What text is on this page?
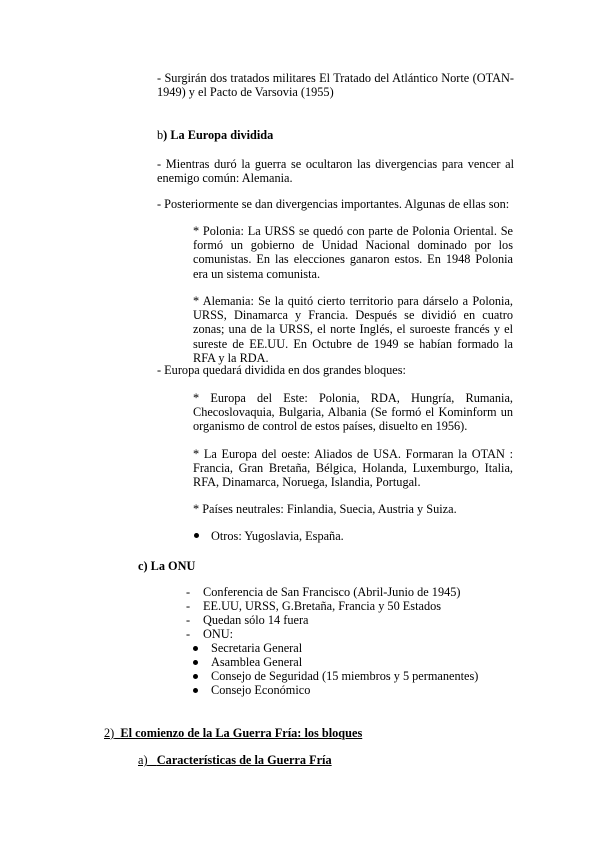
- Surgirán dos tratados militares El Tratado del Atlántico Norte (OTAN-1949) y el Pacto de Varsovia (1955)
b) La Europa dividida
- Mientras duró la guerra se ocultaron las divergencias para vencer al enemigo común: Alemania.
- Posteriormente se dan divergencias importantes. Algunas de ellas son:
* Polonia: La URSS se quedó con parte de Polonia Oriental. Se formó un gobierno de Unidad Nacional dominado por los comunistas. En las elecciones ganaron estos. En 1948 Polonia era un sistema comunista.
* Alemania: Se la quitó cierto territorio para dárselo a Polonia, URSS, Dinamarca y Francia. Después se dividió en cuatro zonas; una de la URSS, el norte Inglés, el suroeste francés y el sureste de EE.UU. En Octubre de 1949 se habían formado la RFA y la RDA.
- Europa quedará dividida en dos grandes bloques:
* Europa del Este: Polonia, RDA, Hungría, Rumania, Checoslovaquia, Bulgaria, Albania (Se formó el Kominform un organismo de control de estos países, disuelto en 1956).
* La Europa del oeste: Aliados de USA. Formaran la OTAN : Francia, Gran Bretaña, Bélgica, Holanda, Luxemburgo, Italia, RFA, Dinamarca, Noruega, Islandia, Portugal.
* Países neutrales: Finlandia, Suecia, Austria y Suiza.
Otros: Yugoslavia, España.
c) La ONU
- Conferencia de San Francisco (Abril-Junio de 1945)
- EE.UU, URSS, G.Bretaña, Francia y 50 Estados
- Quedan sólo 14 fuera
- ONU:
Secretaria General
Asamblea General
Consejo de Seguridad (15 miembros y 5 permanentes)
Consejo Económico
2) El comienzo de la La Guerra Fría: los bloques
a) Características de la Guerra Fría
